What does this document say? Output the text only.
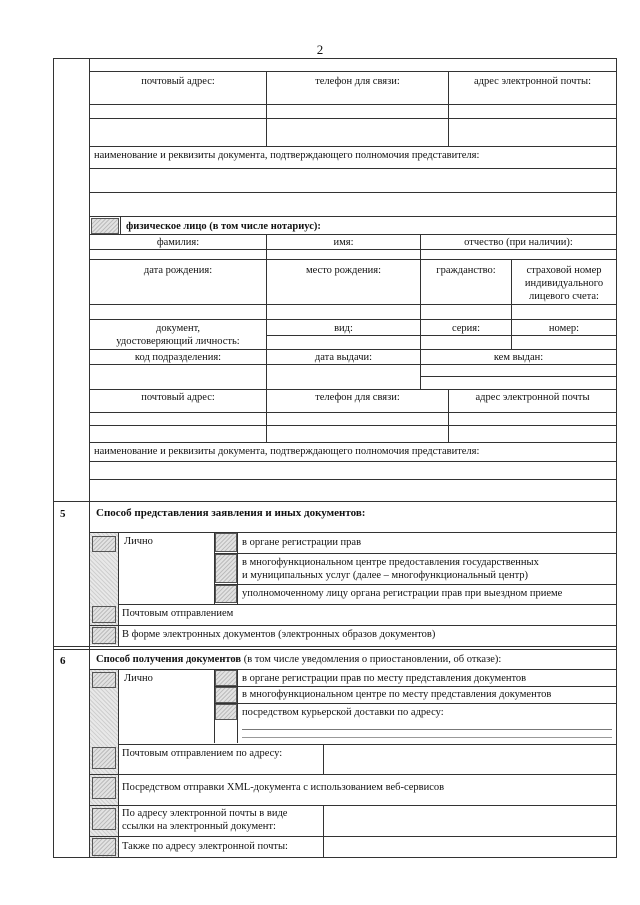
2
почтовый адрес:	телефон для связи:	адрес электронной почты:
наименование и реквизиты документа, подтверждающего полномочия представителя:
физическое лицо (в том числе нотариус):
фамилия:	имя:	отчество (при наличии):
дата рождения:	место рождения:	гражданство:	страховой номер
индивидуального
лицевого счета:
документ,
удостоверяющий личность:
вид:	серия:	номер:
код подразделения:	дата выдачи:	кем выдан:
почтовый адрес:	телефон для связи:	адрес электронной почты
наименование и реквизиты документа, подтверждающего полномочия представителя:
5	Способ представления заявления и иных документов:
Лично	в органе регистрации прав
в многофункциональном центре предоставления государственных
и муниципальных услуг (далее – многофункциональный центр)
уполномоченному лицу органа регистрации прав при выездном приеме
Почтовым отправлением
В форме электронных документов (электронных образов документов)
6	Способ получения документов (в том числе уведомления о приостановлении, об отказе):
Лично	в органе регистрации прав по месту представления документов
в многофункциональном центре по месту представления документов
посредством курьерской доставки по адресу:
Почтовым отправлением по адресу:
Посредством отправки XML-документа с использованием веб-сервисов
По адресу электронной почты в виде
ссылки на электронный документ:
Также по адресу электронной почты:
